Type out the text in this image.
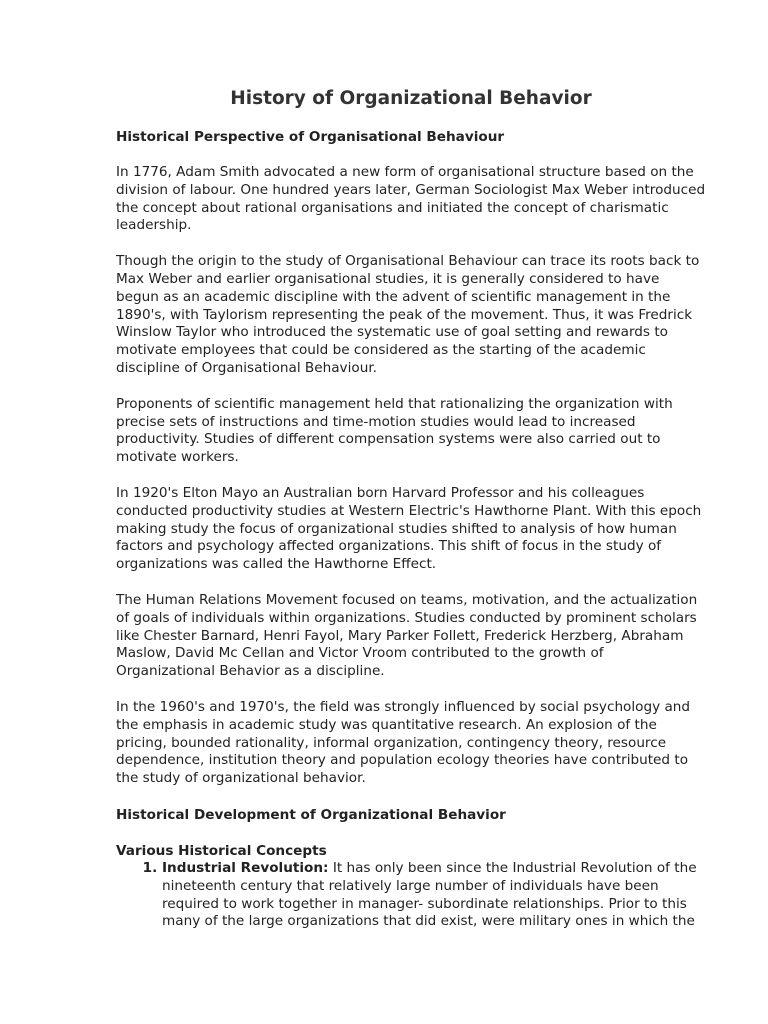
History of Organizational Behavior
Historical Perspective of Organisational Behaviour

In 1776, Adam Smith advocated a new form of organisational structure based on the division of labour. One hundred years later, German Sociologist Max Weber introduced the concept about rational organisations and initiated the concept of charismatic leadership.

Though the origin to the study of Organisational Behaviour can trace its roots back to Max Weber and earlier organisational studies, it is generally considered to have begun as an academic discipline with the advent of scientific management in the 1890's, with Taylorism representing the peak of the movement. Thus, it was Fredrick Winslow Taylor who introduced the systematic use of goal setting and rewards to motivate employees that could be considered as the starting of the academic discipline of Organisational Behaviour.

Proponents of scientific management held that rationalizing the organization with precise sets of instructions and time-motion studies would lead to increased productivity. Studies of different compensation systems were also carried out to motivate workers.

In 1920's Elton Mayo an Australian born Harvard Professor and his colleagues conducted productivity studies at Western Electric's Hawthorne Plant. With this epoch making study the focus of organizational studies shifted to analysis of how human factors and psychology affected organizations. This shift of focus in the study of organizations was called the Hawthorne Effect.

The Human Relations Movement focused on teams, motivation, and the actualization of goals of individuals within organizations. Studies conducted by prominent scholars like Chester Barnard, Henri Fayol, Mary Parker Follett, Frederick Herzberg, Abraham Maslow, David Mc Cellan and Victor Vroom contributed to the growth of Organizational Behavior as a discipline.

In the 1960's and 1970's, the field was strongly influenced by social psychology and the emphasis in academic study was quantitative research. An explosion of the pricing, bounded rationality, informal organization, contingency theory, resource dependence, institution theory and population ecology theories have contributed to the study of organizational behavior.

Historical Development of Organizational Behavior
Various Historical Concepts
1. Industrial Revolution: It has only been since the Industrial Revolution of the nineteenth century that relatively large number of individuals have been required to work together in manager- subordinate relationships. Prior to this many of the large organizations that did exist, were military ones in which the
